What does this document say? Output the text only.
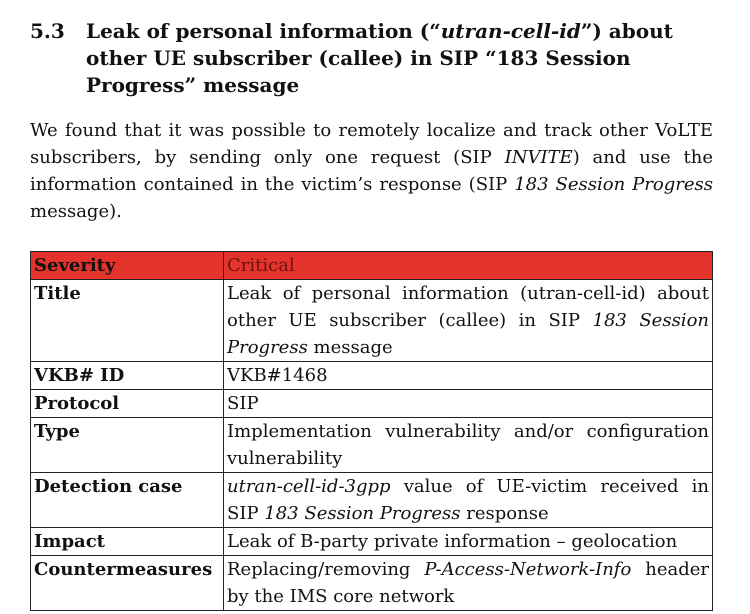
5.3	Leak of personal information (“utran-cell-id”) about other UE subscriber (callee) in SIP “183 Session Progress” message

We found that it was possible to remotely localize and track other VoLTE subscribers, by sending only one request (SIP INVITE) and use the information contained in the victim’s response (SIP 183 Session Progress message).

Severity	Critical
Title	Leak of personal information (utran-cell-id) about other UE subscriber (callee) in SIP 183 Session Progress message
VKB# ID	VKB#1468
Protocol	SIP
Type	Implementation vulnerability and/or configuration vulnerability
Detection case	utran-cell-id-3gpp value of UE-victim received in SIP 183 Session Progress response
Impact	Leak of B-party private information – geolocation
Countermeasures	Replacing/removing P-Access-Network-Info header by the IMS core network
